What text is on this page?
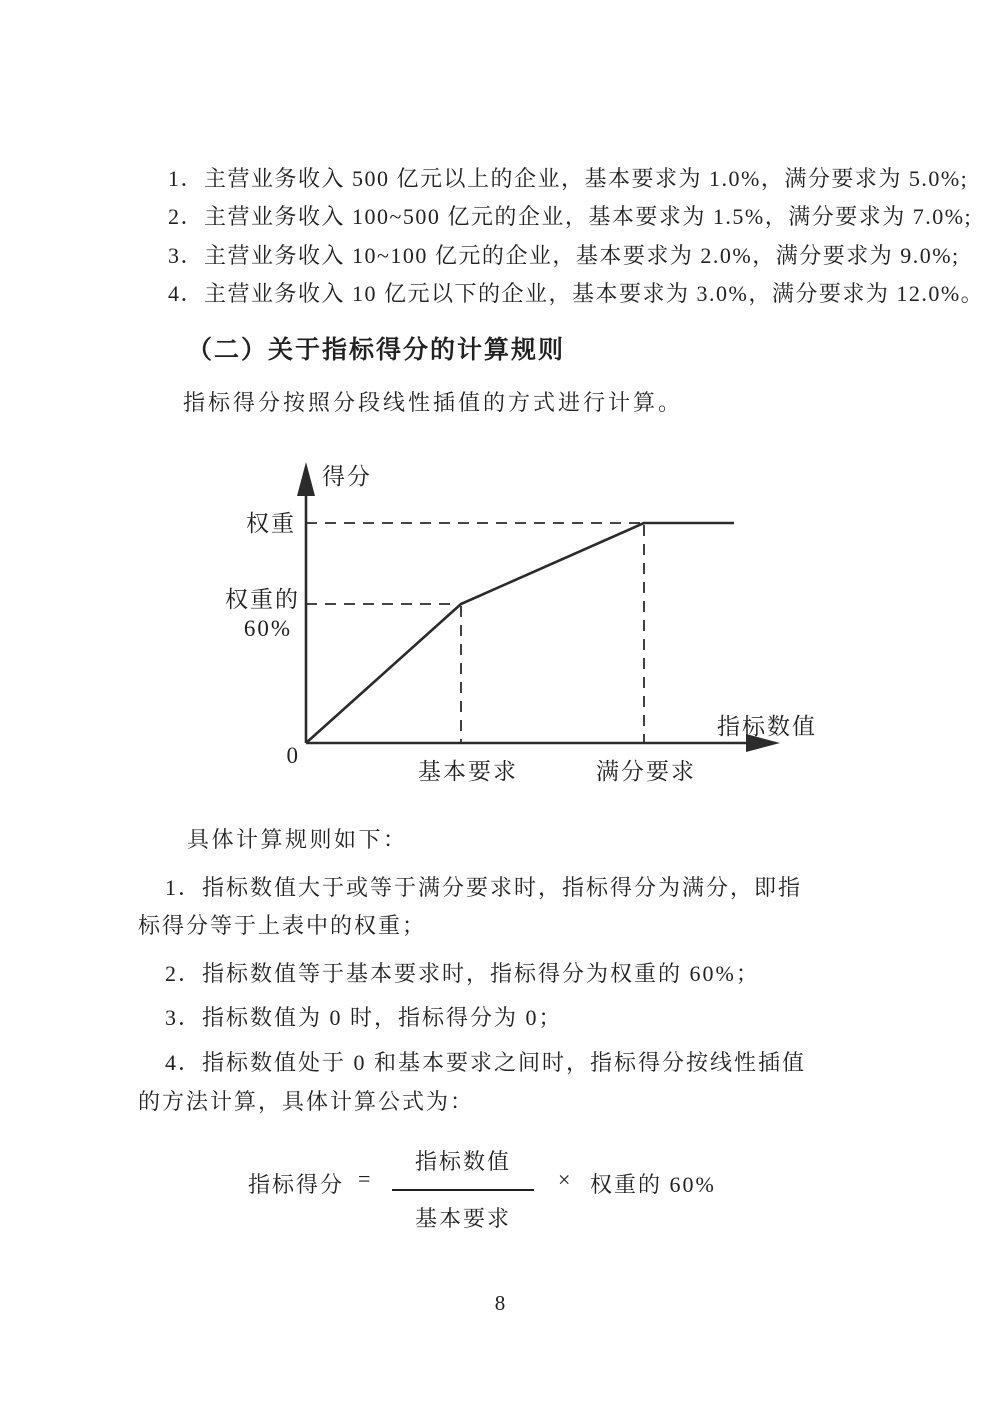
1．主营业务收入 500 亿元以上的企业，基本要求为 1.0%，满分要求为 5.0%;
2．主营业务收入 100~500 亿元的企业，基本要求为 1.5%，满分要求为 7.0%;
3．主营业务收入 10~100 亿元的企业，基本要求为 2.0%，满分要求为 9.0%;
4．主营业务收入 10 亿元以下的企业，基本要求为 3.0%，满分要求为 12.0%。
（二）关于指标得分的计算规则
指标得分按照分段线性插值的方式进行计算。
得分
权重
权重的
60%
0
基本要求	满分要求
指标数值
具体计算规则如下：
1．指标数值大于或等于满分要求时，指标得分为满分，即指
标得分等于上表中的权重；
2．指标数值等于基本要求时，指标得分为权重的 60%；
3．指标数值为 0 时，指标得分为 0；
4．指标数值处于 0 和基本要求之间时，指标得分按线性插值
的方法计算，具体计算公式为：
指标得分 =
指标数值
基本要求
× 权重的 60%
8
